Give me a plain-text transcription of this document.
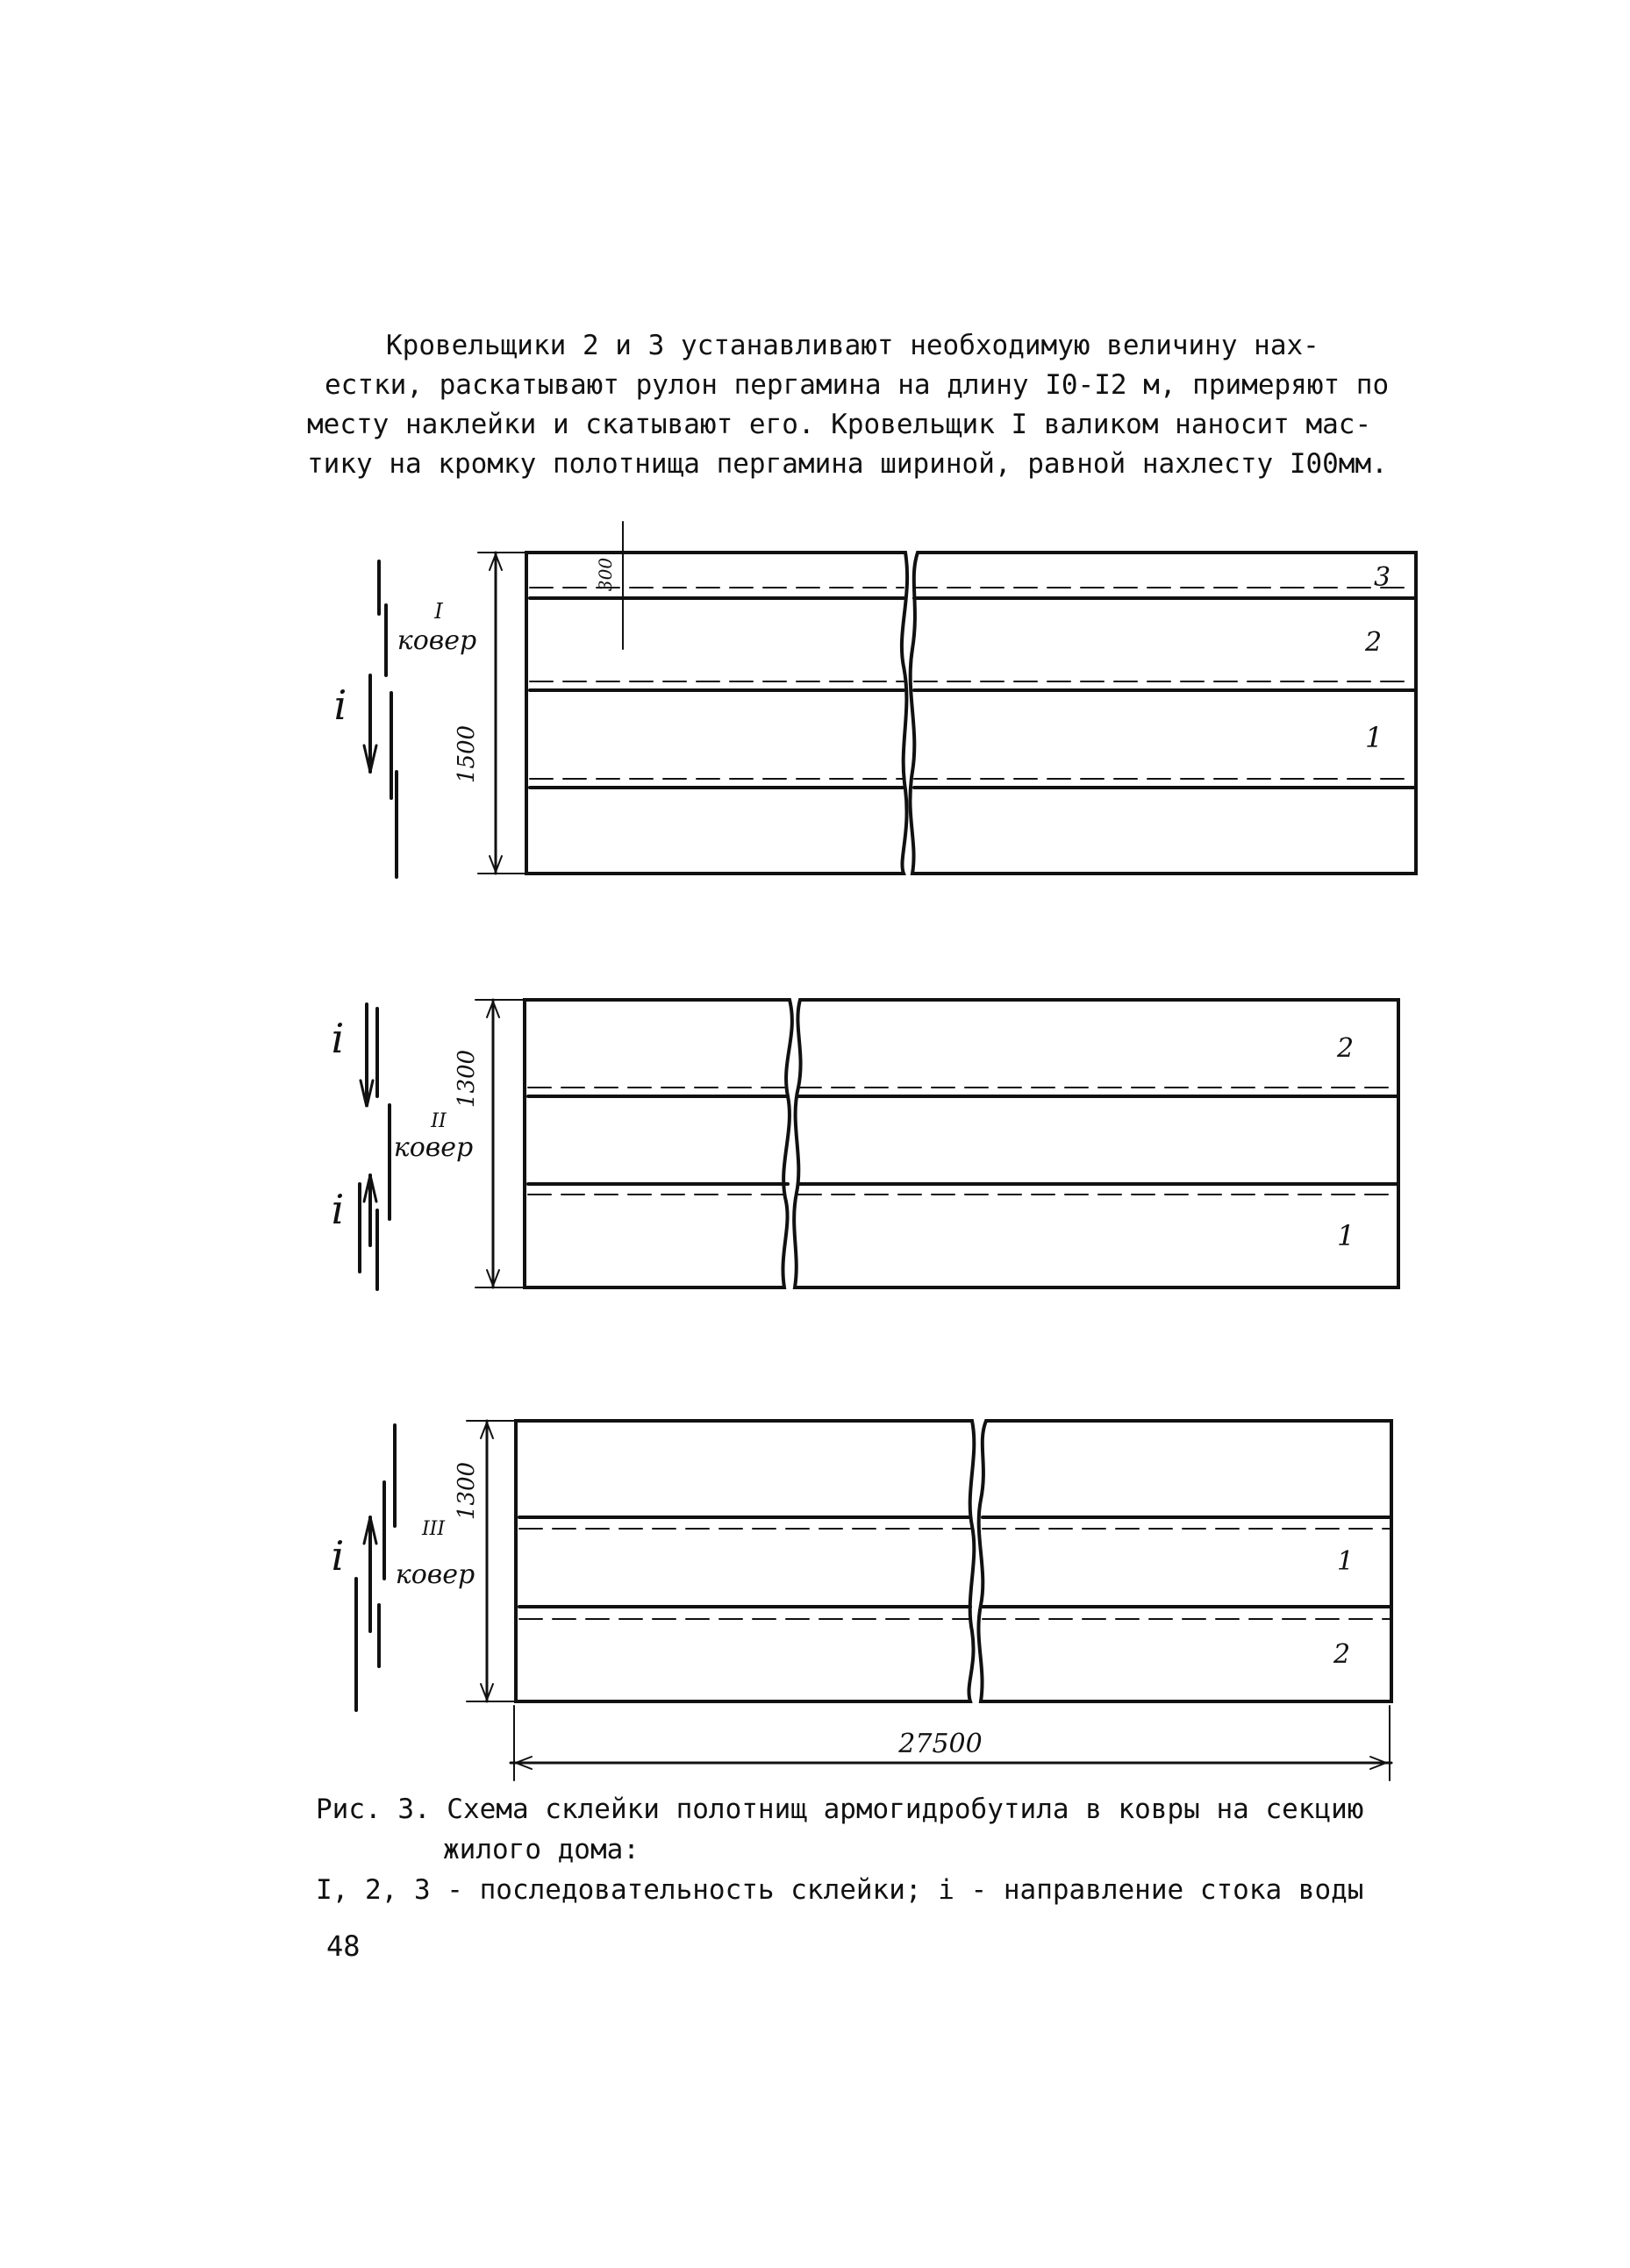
Кровельщики 2 и 3 устанавливают необходимую величину нах-
естки, раскатывают рулон пергамина на длину I0-I2 м, примеряют по
месту наклейки и скатывают его. Кровельщик I валиком наносит мас-
тику на кромку полотнища пергамина шириной, равной нахлесту I00мм.
I
ковер
1500
300	3
2
1
i
1300
II
ковер
2
1
i
i
1300
III
ковер	1
2
i
27500
Рис. 3. Схема склейки полотнищ армогидробутила в ковры на секцию
жилого дома:
I, 2, 3 - последовательность склейки; i - направление стока воды
48
